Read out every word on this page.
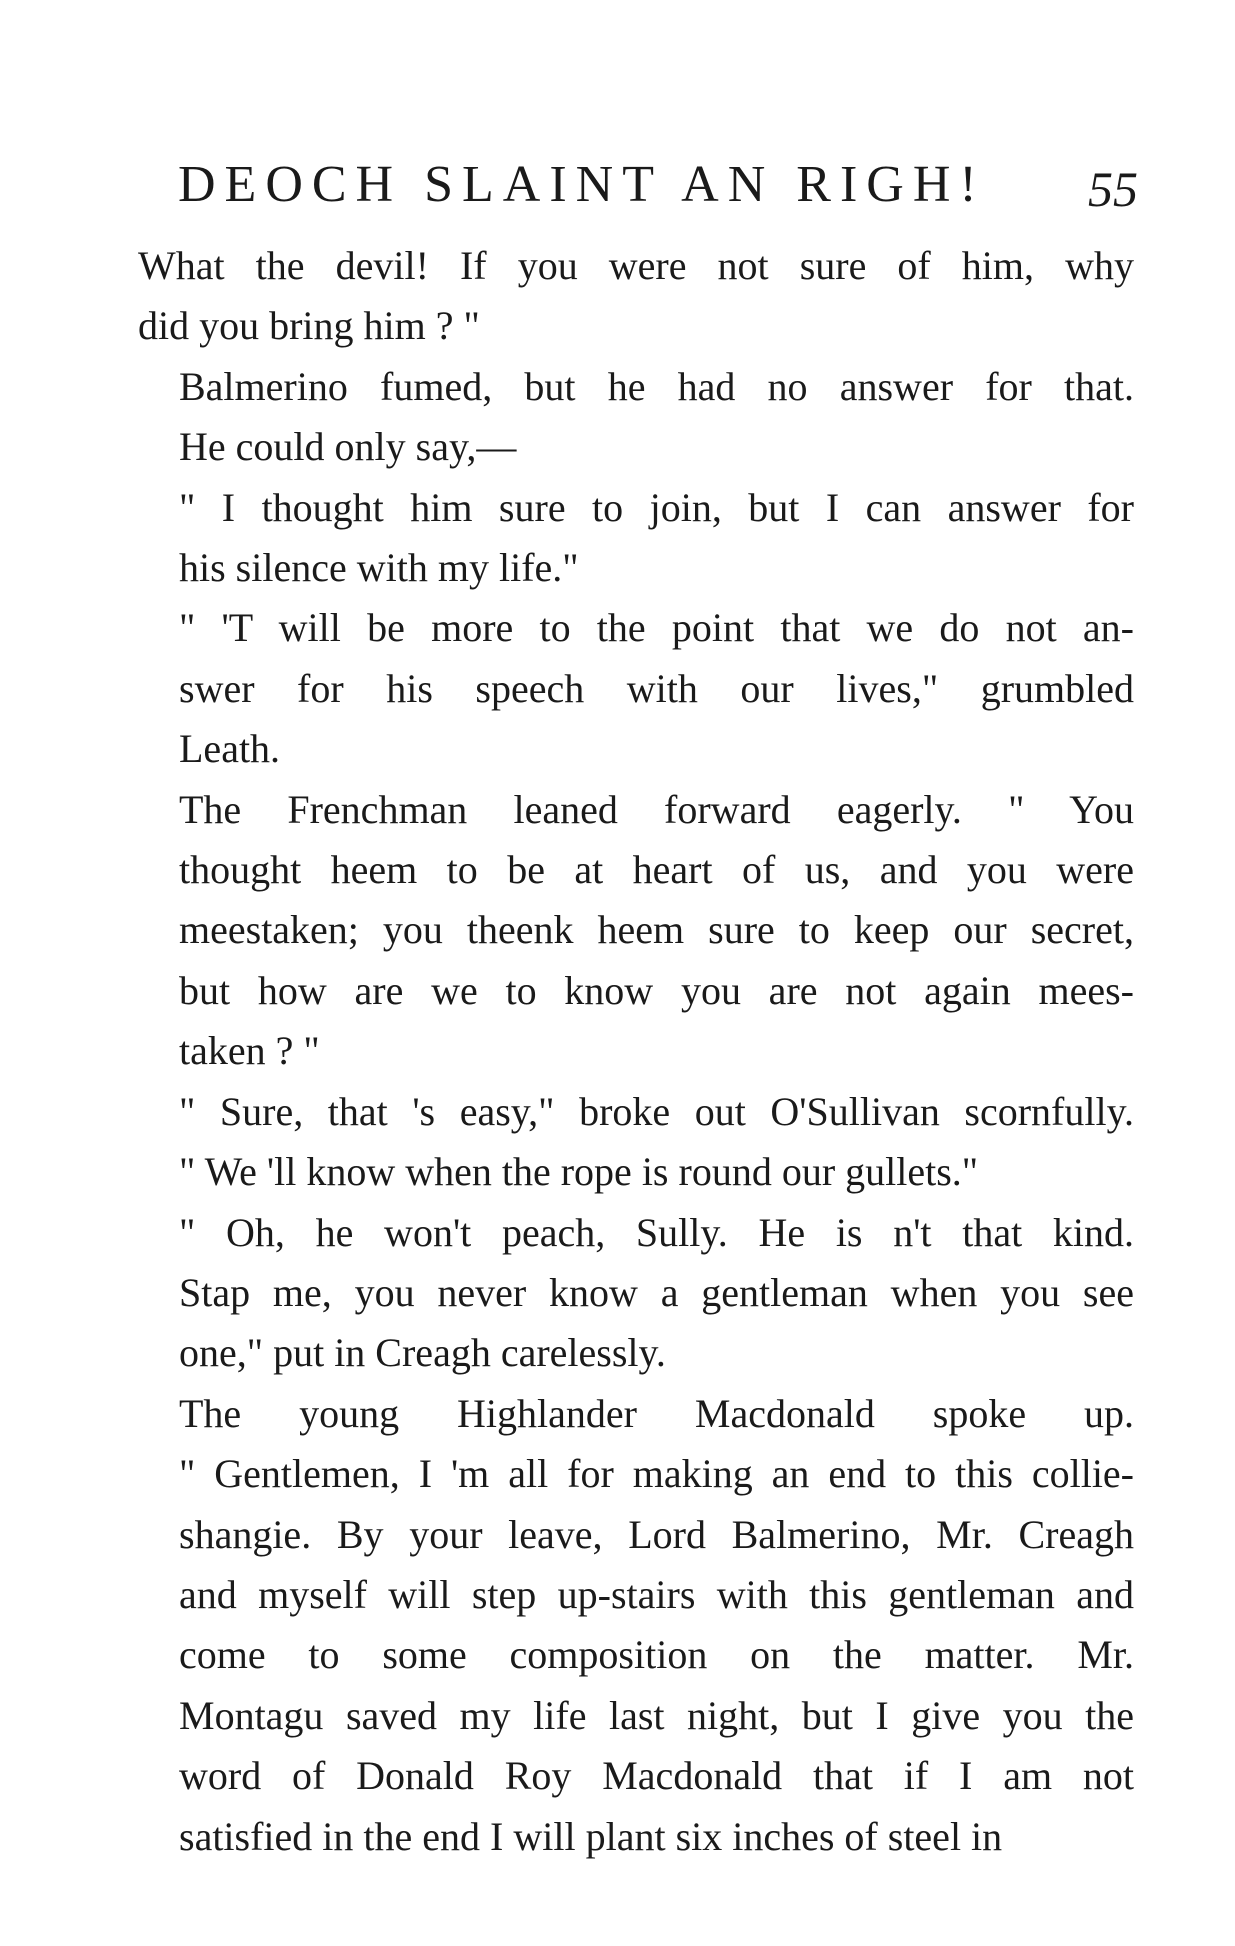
DEOCH SLAINT AN RIGH! 55

What the devil! If you were not sure of him, why
did you bring him ? "

Balmerino fumed, but he had no answer for that.
He could only say,—

" I thought him sure to join, but I can answer for
his silence with my life."

" 'T will be more to the point that we do not an-
swer for his speech with our lives," grumbled
Leath.

The Frenchman leaned forward eagerly. " You
thought heem to be at heart of us, and you were
meestaken; you theenk heem sure to keep our secret,
but how are we to know you are not again mees-
taken ? "

" Sure, that 's easy," broke out O'Sullivan scornfully.
" We 'll know when the rope is round our gullets."

" Oh, he won't peach, Sully. He is n't that kind.
Stap me, you never know a gentleman when you see
one," put in Creagh carelessly.

The young Highlander Macdonald spoke up.
" Gentlemen, I 'm all for making an end to this collie-
shangie. By your leave, Lord Balmerino, Mr. Creagh
and myself will step up-stairs with this gentleman and
come to some composition on the matter. Mr.
Montagu saved my life last night, but I give you the
word of Donald Roy Macdonald that if I am not
satisfied in the end I will plant six inches of steel in
